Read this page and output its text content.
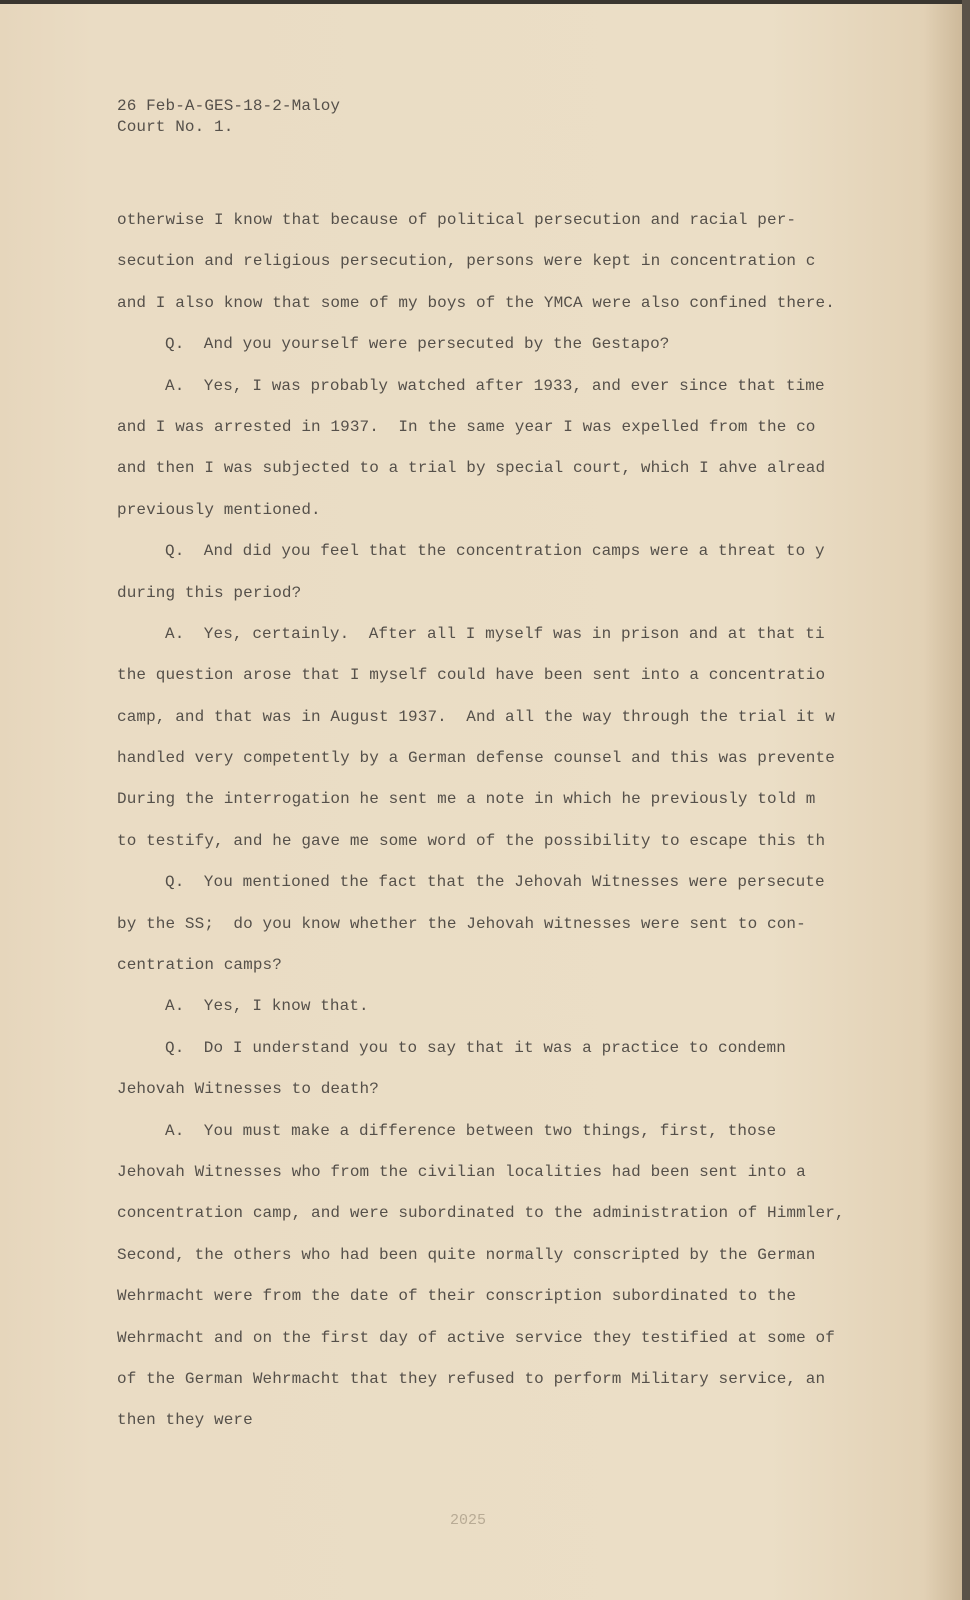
26 Feb-A-GES-18-2-Maloy
Court No. 1.
otherwise I know that because of political persecution and racial per-
secution and religious persecution, persons were kept in concentration c
and I also know that some of my boys of the YMCA were also confined there.
Q.  And you yourself were persecuted by the Gestapo?
A.  Yes, I was probably watched after 1933, and ever since that time
and I was arrested in 1937.  In the same year I was expelled from the co
and then I was subjected to a trial by special court, which I ahve alread
previously mentioned.
Q.  And did you feel that the concentration camps were a threat to y
during this period?
A.  Yes, certainly.  After all I myself was in prison and at that ti
the question arose that I myself could have been sent into a concentratio
camp, and that was in August 1937.  And all the way through the trial it w
handled very competently by a German defense counsel and this was prevente
During the interrogation he sent me a note in which he previously told m
to testify, and he gave me some word of the possibility to escape this th
Q.  You mentioned the fact that the Jehovah Witnesses were persecute
by the SS;  do you know whether the Jehovah witnesses were sent to con-
centration camps?
A.  Yes, I know that.
Q.  Do I understand you to say that it was a practice to condemn
Jehovah Witnesses to death?
A.  You must make a difference between two things, first, those
Jehovah Witnesses who from the civilian localities had been sent into a
concentration camp, and were subordinated to the administration of Himmler,
Second, the others who had been quite normally conscripted by the German
Wehrmacht were from the date of their conscription subordinated to the
Wehrmacht and on the first day of active service they testified at some of
of the German Wehrmacht that they refused to perform Military service, an
then they were
2025
